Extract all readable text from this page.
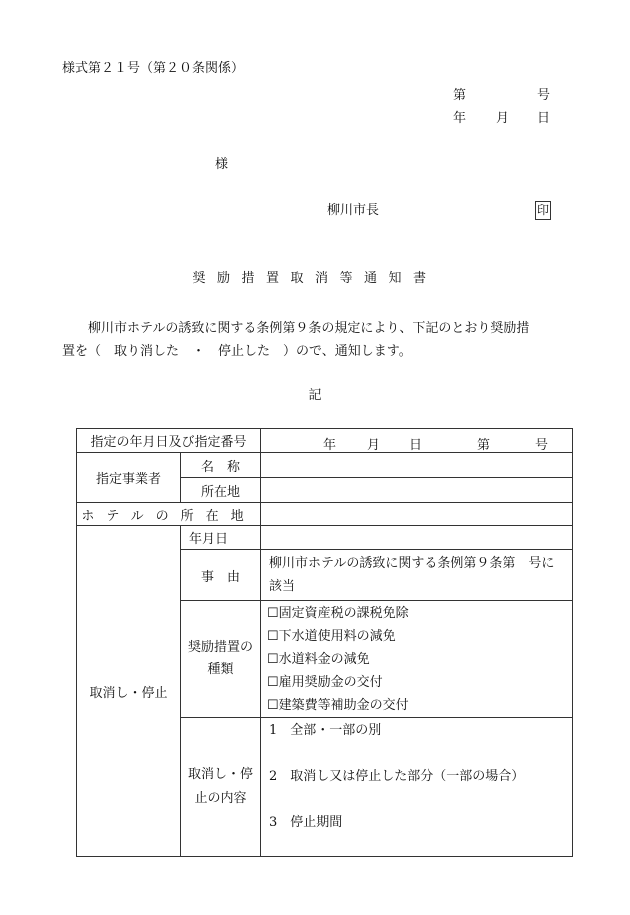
様式第２１号（第２０条関係）
第	号
年 月 日
様
柳川市長	印
奨励措置取消等通知書
柳川市ホテルの誘致に関する条例第９条の規定により、下記のとおり奨励措
置を（　取り消した　・　停止した　）ので、通知します。
記
指定の年月日及び指定番号		年 月 日 第 号

指定事業者	名　称	
	所在地	
ホテルの所在地		
取消し・停止	年月日	
	事　由	柳川市ホテルの誘致に関する条例第９条第　号に該当
	奨励措置の種類	☐固定資産税の課税免除
☐下水道使用料の減免
☐水道料金の減免
☐雇用奨励金の交付
☐建築費等補助金の交付

	取消し・停止の内容	1　全部・一部の別
2　取消し又は停止した部分（一部の場合）
3　停止期間
